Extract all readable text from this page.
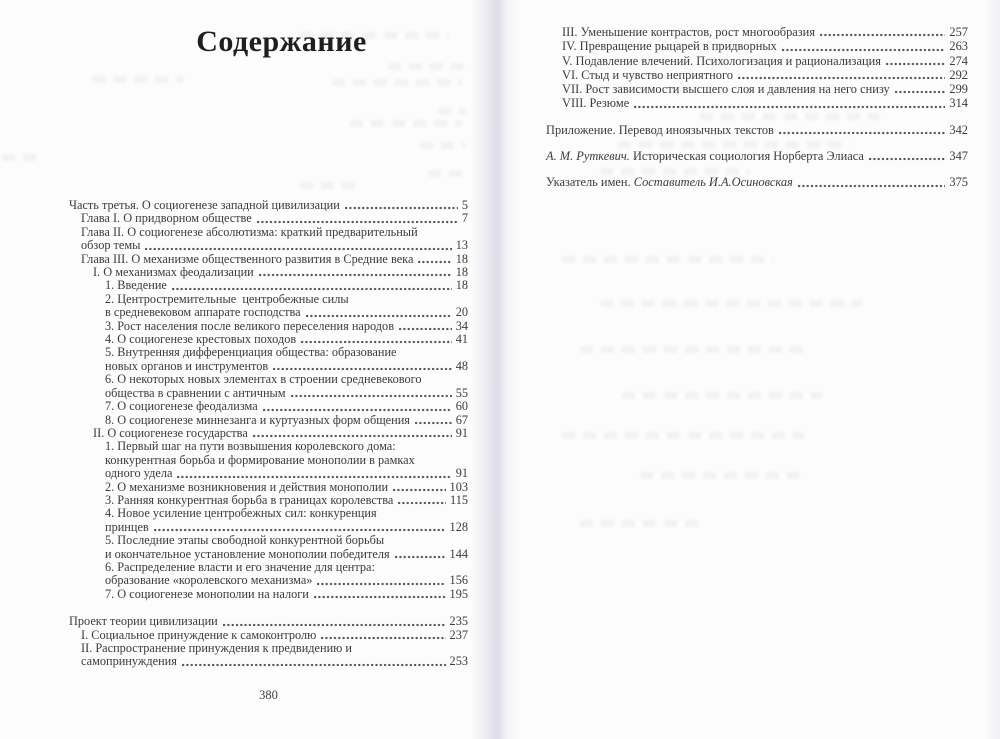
Содержание
Часть третья. О социогенезе западной цивилизации	5
Глава I. О придворном обществе	7
Глава II. О социогенезе абсолютизма: краткий предварительный
обзор темы	13
Глава III. О механизме общественного развития в Средние века	18
I. О механизмах феодализации	18
1. Введение	18
2. Центростремительные  центробежные силы
в средневековом аппарате господства	20
3. Рост населения после великого переселения народов	34
4. О социогенезе крестовых походов	41
5. Внутренняя дифференциация общества: образование
новых органов и инструментов	48
6. О некоторых новых элементах в строении средневекового
общества в сравнении с античным	55
7. О социогенезе феодализма	60
8. О социогенезе миннезанга и куртуазных форм общения	67
II. О социогенезе государства	91
1. Первый шаг на пути возвышения королевского дома:
конкурентная борьба и формирование монополии в рамках
одного удела	91
2. О механизме возникновения и действия монополии	103
3. Ранняя конкурентная борьба в границах королевства	115
4. Новое усиление центробежных сил: конкуренция
принцев	128
5. Последние этапы свободной конкурентной борьбы
и окончательное установление монополии победителя	144
6. Распределение власти и его значение для центра:
образование «королевского механизма»	156
7. О социогенезе монополии на налоги	195
Проект теории цивилизации	235
I. Социальное принуждение к самоконтролю	237
II. Распространение принуждения к предвидению и
самопринуждения	253
380
III. Уменьшение контрастов, рост многообразия	257
IV. Превращение рыцарей в придворных	263
V. Подавление влечений. Психологизация и рационализация	274
VI. Стыд и чувство неприятного	292
VII. Рост зависимости высшего слоя и давления на него снизу	299
VIII. Резюме	314
Приложение. Перевод иноязычных текстов	342
А. М. Руткевич. Историческая социология Норберта Элиаса	347
Указатель имен. Составитель И.А.Осиновская	375
